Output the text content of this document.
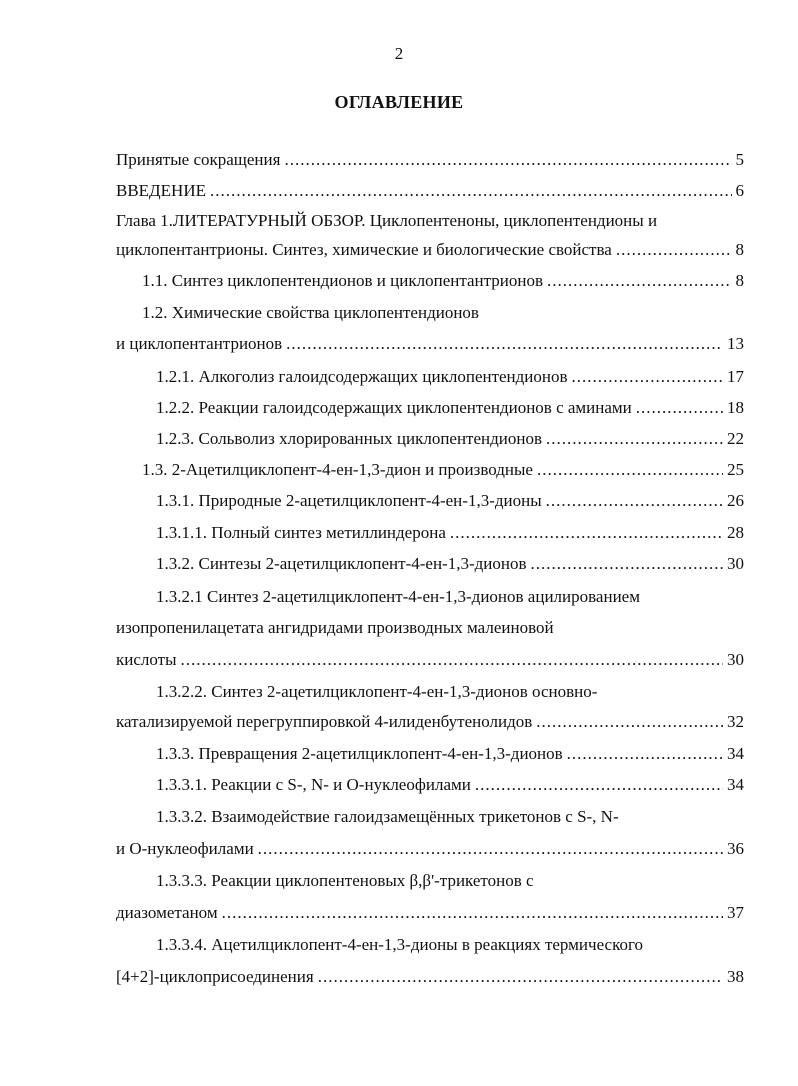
2
ОГЛАВЛЕНИЕ
Принятые сокращения .....	5
ВВЕДЕНИЕ .....	6
Глава 1.ЛИТЕРАТУРНЫЙ ОБЗОР. Циклопентеноны, циклопентендионы и
циклопентантрионы. Синтез, химические и биологические свойства .....	8
1.1. Синтез циклопентендионов и циклопентантрионов .....	8
1.2. Химические свойства циклопентендионов
и циклопентантрионов .....	13
1.2.1. Алкоголиз галоидсодержащих циклопентендионов .....	17
1.2.2. Реакции галоидсодержащих циклопентендионов с аминами .....	18
1.2.3. Сольволиз хлорированных циклопентендионов .....	22
1.3. 2-Ацетилциклопент-4-ен-1,3-дион и производные .....	25
1.3.1. Природные 2-ацетилциклопент-4-ен-1,3-дионы .....	26
1.3.1.1. Полный синтез метиллиндерона .....	28
1.3.2. Синтезы 2-ацетилциклопент-4-ен-1,3-дионов .....	30
1.3.2.1 Синтез 2-ацетилциклопент-4-ен-1,3-дионов ацилированием
изопропенилацетата ангидридами производных малеиновой
кислоты .....	30
1.3.2.2. Синтез 2-ацетилциклопент-4-ен-1,3-дионов основно-
катализируемой перегруппировкой 4-илиденбутенолидов .....	32
1.3.3. Превращения 2-ацетилциклопент-4-ен-1,3-дионов .....	34
1.3.3.1. Реакции с S-, N- и O-нуклеофилами .....	34
1.3.3.2. Взаимодействие галоидзамещённых трикетонов с S-, N-
и O-нуклеофилами .....	36
1.3.3.3. Реакции циклопентеновых β,β'-трикетонов с
диазометаном .....	37
1.3.3.4. Ацетилциклопент-4-ен-1,3-дионы в реакциях термического
[4+2]-циклоприсоединения .....	38
